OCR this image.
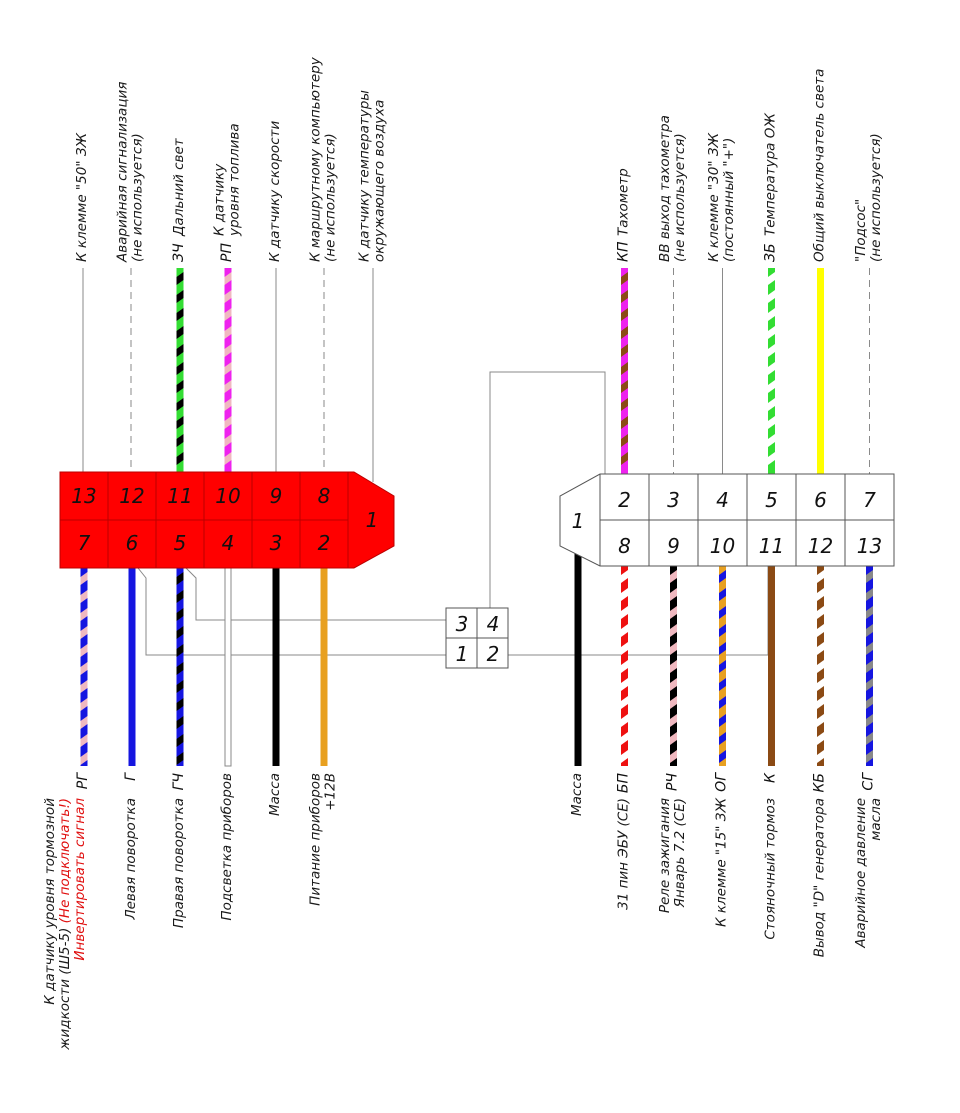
13 12 11 10 9 8
7 6 5 4 3 2
1
3 4
1 2
2 3 4 5 6 7
8 9 10 11 12 13
1
К клемме "50" ЗЖ Аварийная сигнализация (не используется) ЗЧ
Дальний свет
РП
К датчику уровня топлива К датчику скорости К маршрутному компьютеру (не используется) К датчику температуры окружающего воздуха
РГ
К датчику уровня тормозной жидкости (Ш5-5) (Не подключать!) Инвертировать сигнал
Г
Левая поворотка
ГЧ
Правая поворотка Подсветка приборов Масса Питание приборов +12В
КП
Тахометр ВВ выход тахометра (не используется) К клемме "30" ЗЖ (постоянный "+") ЗБ
Температура ОЖ Общий выключатель света "Подсос" (не используется)
Масса БП
31 пин ЭБУ (CE)
РЧ
Реле зажигания Январь 7.2 (CE)
ОГ
К клемме "15" ЗЖ
К
Стояночный тормоз
КБ
Вывод "D" генератора
СГ
Аварийное давление масла
